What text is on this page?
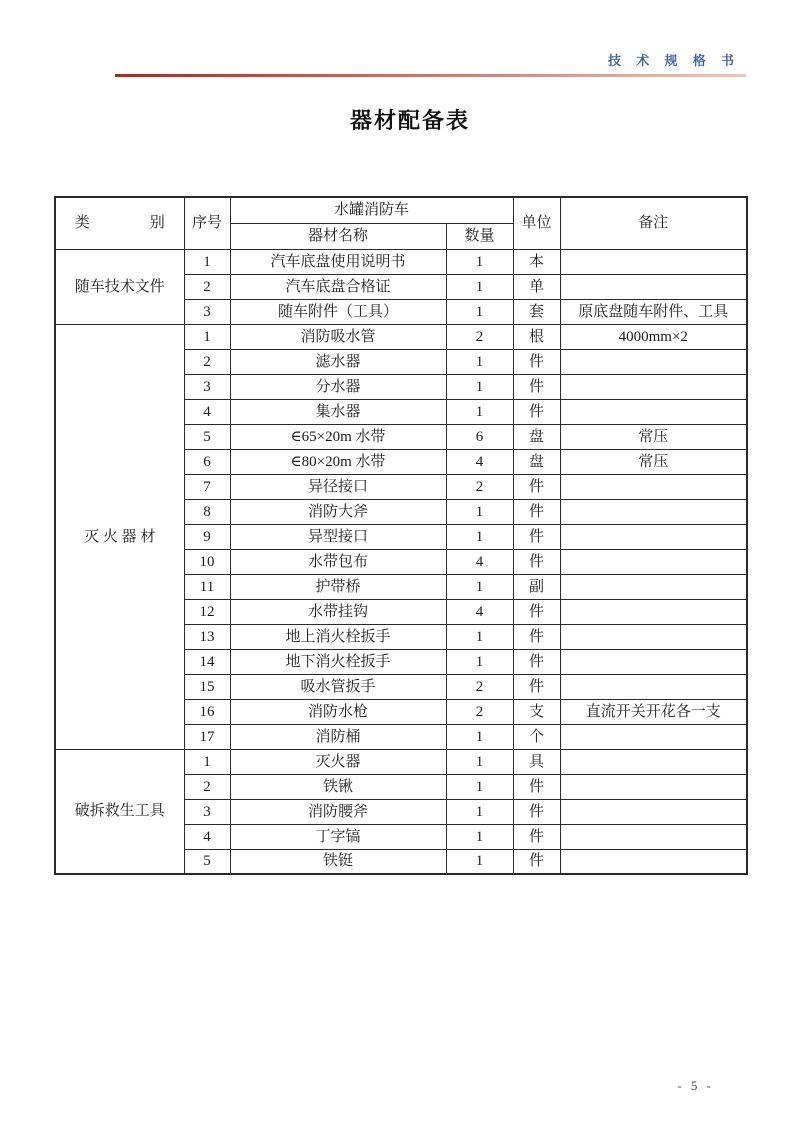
技 术 规 格 书
器材配备表
类　　　　别	序号	水罐消防车		单位	备注
		器材名称	数量		
随车技术文件	1	汽车底盘使用说明书	1	本	
	2	汽车底盘合格证	1	单	
	3	随车附件（工具）	1	套	原底盘随车附件、工具
灭 火 器 材	1	消防吸水管	2	根	4000mm×2
	2	滤水器	1	件	
	3	分水器	1	件	
	4	集水器	1	件	
	5	∈65×20m 水带	6	盘	常压
	6	∈80×20m 水带	4	盘	常压
	7	异径接口	2	件	
	8	消防大斧	1	件	
	9	异型接口	1	件	
	10	水带包布	4	件	
	11	护带桥	1	副	
	12	水带挂钩	4	件	
	13	地上消火栓扳手	1	件	
	14	地下消火栓扳手	1	件	
	15	吸水管扳手	2	件	
	16	消防水枪	2	支	直流开关开花各一支
	17	消防桶	1	个	
破拆救生工具	1	灭火器	1	具	
	2	铁锹	1	件	
	3	消防腰斧	1	件	
	4	丁字镐	1	件	
	5	铁铤	1	件	
- 5 -
